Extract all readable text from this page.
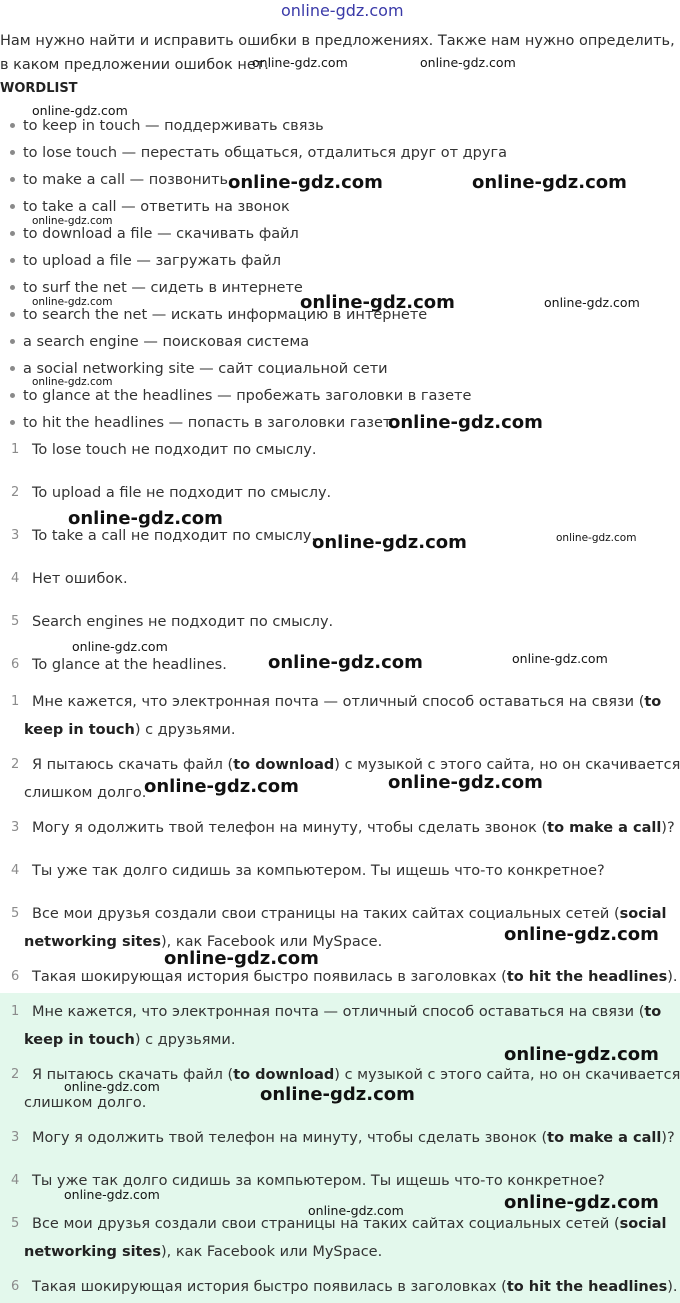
online-gdz.com
Нам нужно найти и исправить ошибки в предложениях. Также нам нужно определить, в каком предложении ошибок нет.
WORDLIST
to keep in touch — поддерживать связь
to lose touch — перестать общаться, отдалиться друг от друга
to make a call — позвонить
to take a call — ответить на звонок
to download a file — скачивать файл
to upload a file — загружать файл
to surf the net — сидеть в интернете
to search the net — искать информацию в интернете
a search engine — поисковая система
a social networking site — сайт социальной сети
to glance at the headlines — пробежать заголовки в газете
to hit the headlines — попасть в заголовки газет
1 To lose touch не подходит по смыслу.
2 To upload a file не подходит по смыслу.
3 To take a call не подходит по смыслу.
4 Нет ошибок.
5 Search engines не подходит по смыслу.
6 To glance at the headlines.
1 Мне кажется, что электронная почта — отличный способ оставаться на связи (to
keep in touch) с друзьями.
2 Я пытаюсь скачать файл (to download) с музыкой с этого сайта, но он скачивается
слишком долго.
3 Могу я одолжить твой телефон на минуту, чтобы сделать звонок (to make a call)?
4 Ты уже так долго сидишь за компьютером. Ты ищешь что-то конкретное?
5 Все мои друзья создали свои страницы на таких сайтах социальных сетей (social
networking sites), как Facebook или MySpace.
6 Такая шокирующая история быстро появилась в заголовках (to hit the headlines).
1 Мне кажется, что электронная почта — отличный способ оставаться на связи (to
keep in touch) с друзьями.
2 Я пытаюсь скачать файл (to download) с музыкой с этого сайта, но он скачивается
слишком долго.
3 Могу я одолжить твой телефон на минуту, чтобы сделать звонок (to make a call)?
4 Ты уже так долго сидишь за компьютером. Ты ищешь что-то конкретное?
5 Все мои друзья создали свои страницы на таких сайтах социальных сетей (social
networking sites), как Facebook или MySpace.
6 Такая шокирующая история быстро появилась в заголовках (to hit the headlines).
online-gdz.com	online-gdz.com
online-gdz.com
online-gdz.com	online-gdz.com
online-gdz.com
online-gdz.com
online-gdz.com	online-gdz.com
online-gdz.com
online-gdz.com
online-gdz.com
online-gdz.com	online-gdz.com
online-gdz.com
online-gdz.com	online-gdz.com
online-gdz.com	online-gdz.com
online-gdz.com
online-gdz.com
online-gdz.com
online-gdz.com	online-gdz.com
online-gdz.com	online-gdz.com
online-gdz.com
